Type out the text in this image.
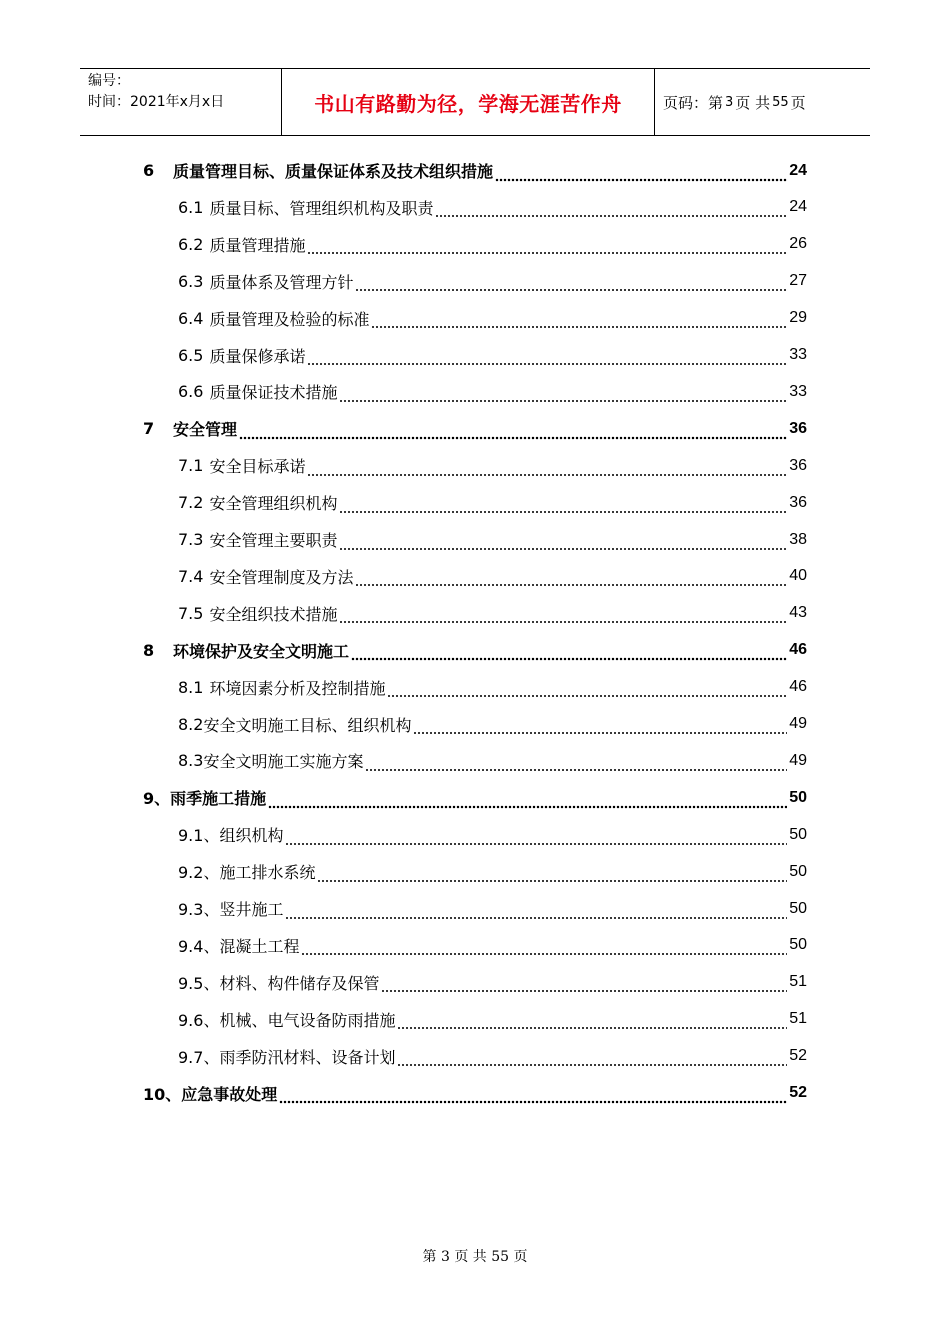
编号：
时间：2021年x月x日	书山有路勤为径，学海无涯苦作舟	页码：第 3 页 共 55 页
6	质量管理目标、质量保证体系及技术组织措施	24
6.1 质量目标、管理组织机构及职责	24
6.2 质量管理措施	26
6.3 质量体系及管理方针	27
6.4 质量管理及检验的标准	29
6.5 质量保修承诺	33
6.6 质量保证技术措施	33
7	安全管理	36
7.1 安全目标承诺	36
7.2 安全管理组织机构	36
7.3 安全管理主要职责	38
7.4 安全管理制度及方法	40
7.5 安全组织技术措施	43
8	环境保护及安全文明施工	46
8.1 环境因素分析及控制措施	46
8.2 安全文明施工目标、组织机构	49
8.3 安全文明施工实施方案	49
9、 雨季施工措施	50
9.1、 组织机构	50
9.2、 施工排水系统	50
9.3、 竖井施工	50
9.4、 混凝土工程	50
9.5、 材料、构件储存及保管	51
9.6、 机械、电气设备防雨措施	51
9.7、 雨季防汛材料、设备计划	52
10、 应急事故处理	52
第 3 页 共 55 页
